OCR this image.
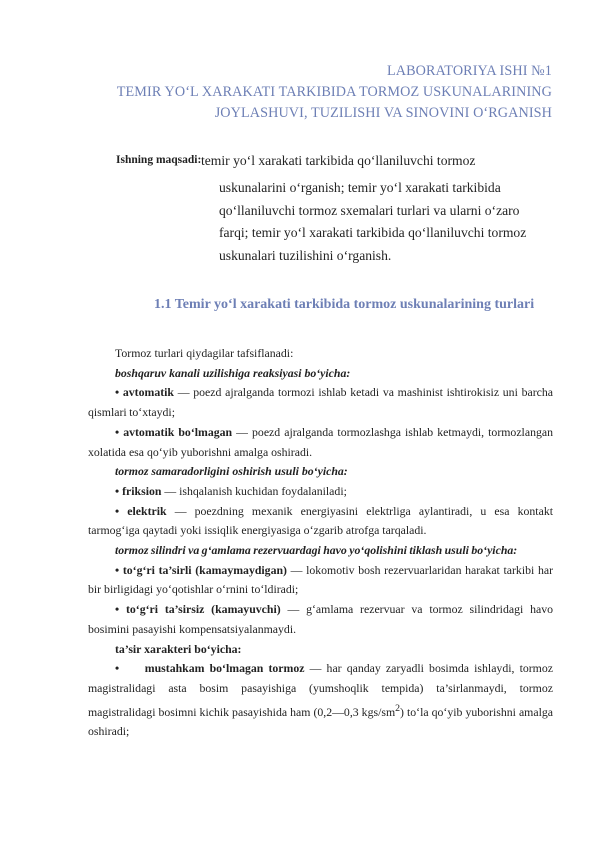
LABORATORIYA ISHI №1
TEMIR YO‘L XARAKATI TARKIBIDA TORMOZ USKUNALARINING
JOYLASHUVI, TUZILISHI VA SINOVINI O‘RGANISH
Ishning maqsadi: temir yo‘l xarakati tarkibida qo‘llaniluvchi tormoz
uskunalarini o‘rganish; temir yo‘l xarakati tarkibida
qo‘llaniluvchi tormoz sxemalari turlari va ularni o‘zaro
farqi; temir yo‘l xarakati tarkibida qo‘llaniluvchi tormoz
uskunalari tuzilishini o‘rganish.
1.1 Temir yo‘l xarakati tarkibida tormoz uskunalarining turlari
Tormoz turlari qiydagilar tafsiflanadi:
boshqaruv kanali uzilishiga reaksiyasi bo‘yicha:
• avtomatik — poezd ajralganda tormozi ishlab ketadi va mashinist ishtirokisiz uni barcha qismlari to‘xtaydi;
• avtomatik bo‘lmagan — poezd ajralganda tormozlashga ishlab ketmaydi, tormozlangan xolatida esa qo‘yib yuborishni amalga oshiradi.
tormoz samaradorligini oshirish usuli bo‘yicha:
• friksion — ishqalanish kuchidan foydalaniladi;
• elektrik — poezdning mexanik energiyasini elektrliga aylantiradi, u esa kontakt tarmog‘iga qaytadi yoki issiqlik energiyasiga o‘zgarib atrofga tarqaladi.
tormoz silindri va g‘amlama rezervuardagi havo yo‘qolishini tiklash usuli bo‘yicha:
• to‘g‘ri ta’sirli (kamaymaydigan) — lokomotiv bosh rezervuarlaridan harakat tarkibi har bir birligidagi yo‘qotishlar o‘rnini to‘ldiradi;
• to‘g‘ri ta’sirsiz (kamayuvchi) — g‘amlama rezervuar va tormoz silindridagi havo bosimini pasayishi kompensatsiyalanmaydi.
ta’sir xarakteri bo‘yicha:
• mustahkam bo‘lmagan tormoz — har qanday zaryadli bosimda ishlaydi, tormoz magistralidagi asta bosim pasayishiga (yumshoqlik tempida) ta’sirlanmaydi, tormoz magistralidagi bosimni kichik pasayishida ham (0,2—0,3 kgs/$sm^2$) to‘la qo‘yib yuborishni amalga oshiradi;
